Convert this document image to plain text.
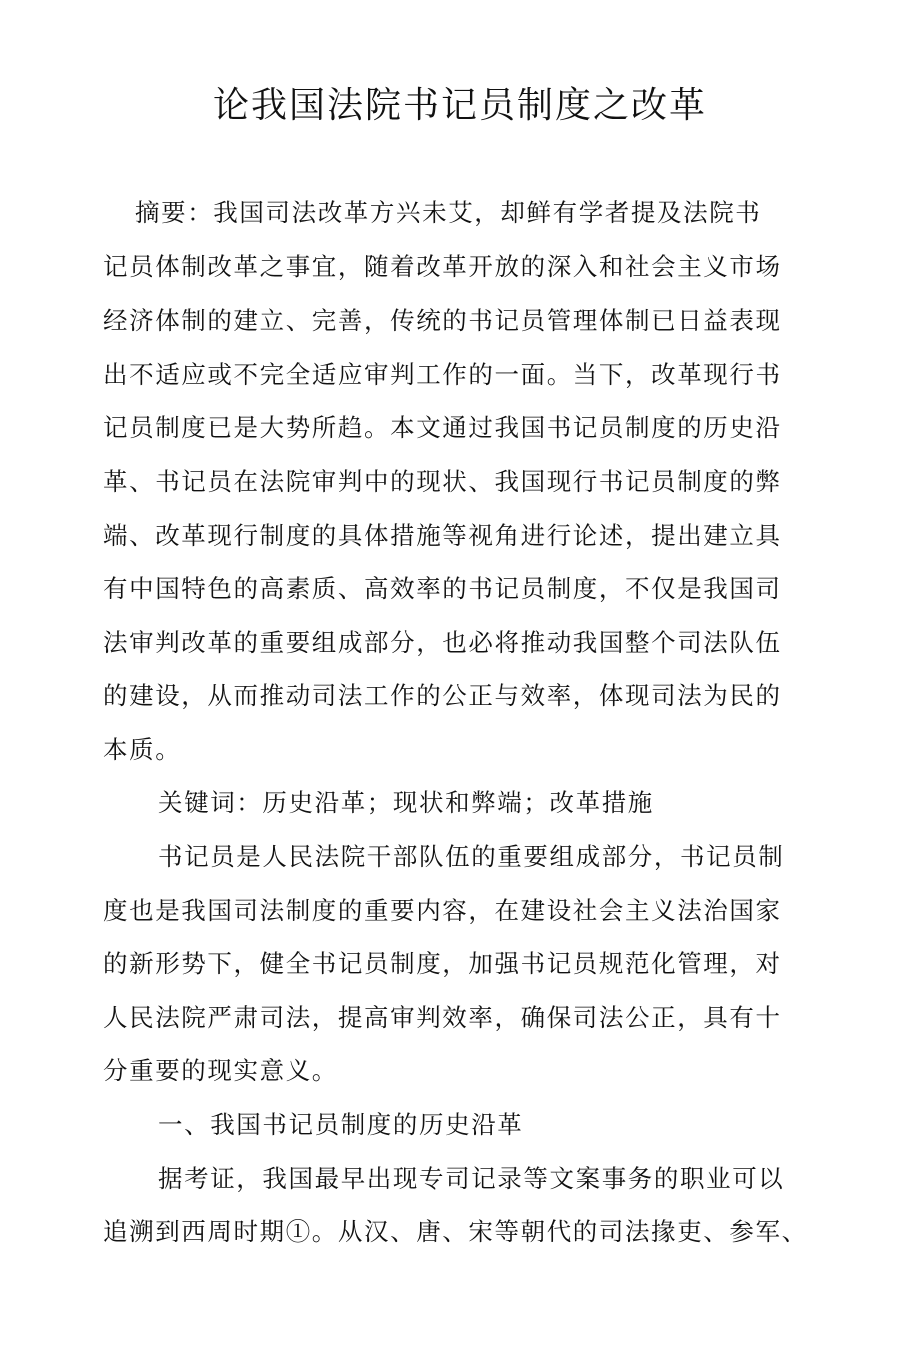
论我国法院书记员制度之改革
摘要：我国司法改革方兴未艾，却鲜有学者提及法院书
记员体制改革之事宜，随着改革开放的深入和社会主义市场
经济体制的建立、完善，传统的书记员管理体制已日益表现
出不适应或不完全适应审判工作的一面。当下，改革现行书
记员制度已是大势所趋。本文通过我国书记员制度的历史沿
革、书记员在法院审判中的现状、我国现行书记员制度的弊
端、改革现行制度的具体措施等视角进行论述，提出建立具
有中国特色的高素质、高效率的书记员制度，不仅是我国司
法审判改革的重要组成部分，也必将推动我国整个司法队伍
的建设，从而推动司法工作的公正与效率，体现司法为民的
本质。
关键词：历史沿革；现状和弊端；改革措施
书记员是人民法院干部队伍的重要组成部分，书记员制
度也是我国司法制度的重要内容，在建设社会主义法治国家
的新形势下，健全书记员制度，加强书记员规范化管理，对
人民法院严肃司法，提高审判效率，确保司法公正，具有十
分重要的现实意义。
一、我国书记员制度的历史沿革
据考证，我国最早出现专司记录等文案事务的职业可以
追溯到西周时期①。从汉、唐、宋等朝代的司法掾吏、参军、
